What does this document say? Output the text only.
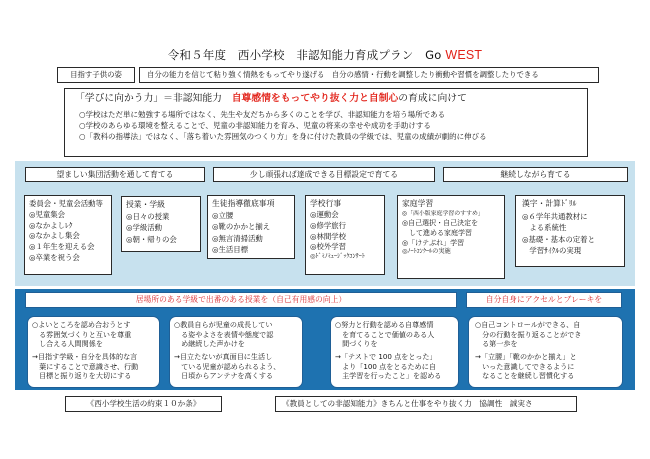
令和５年度　西小学校　非認知能力育成プラン　Go WEST
目指す子供の姿	自分の能力を信じて粘り強く情熱をもってやり遂げる　自分の感情・行動を調整したり衝動や習慣を調整したりできる
「学びに向かう力」＝非認知能力　 自尊感情をもってやり抜く力と自制心の育成に向けて
○学校はただ単に勉強する場所ではなく、先生や友だちから多くのことを学び、非認知能力を培う場所である
○学校のあらゆる環境を整えることで、児童の非認知能力を育み、児童の将来の幸せや成功を手助けする
○「教科の指導法」ではなく、「落ち着いた雰囲気のつくり方」を身に付けた教員の学級では、児童の成績が劇的に伸びる
望ましい集団活動を通して育てる	少し頑張れば達成できる目標設定で育てる	継続しながら育てる
委員会・児童会活動等
◎児童集会
◎なかよしﾚｸ
◎なかよし集会
◎１年生を迎える会
◎卒業を祝う会
授業・学級
◎日々の授業
◎学級活動
◎朝・帰りの会
生徒指導徹底事項
◎立腰
◎靴のかかと揃え
◎無言清掃活動
◎生活目標
学校行事
◎運動会
◎修学旅行
◎林間学校
◎校外学習
◎ﾄﾞﾐﾉﾐｭｰｼﾞｯｸｺﾝｻｰﾄ
家庭学習
◎「西小版家庭学習のすすめ」
◎自己選択・自己決定を
　して進める家庭学習
◎「けテぶれ」学習
◎ﾉｰﾄｺﾝｸｰﾙの実施
漢字・計算ﾄﾞﾘﾙ
◎６学年共通教材に
　よる系統性
◎基礎・基本の定着と
　学習ｻｲｸﾙの実現
居場所のある学級で出番のある授業を（自己有用感の向上）	自分自身にアクセルとブレーキを
○よいところを認め合おうとす
　る雰囲気づくりと互いを尊重
　し合える人間関係を
→目指す学級・自分を具体的な言
　葉にすることで意識させ、行動
　目標と振り返りを大切にする
○教員自らが児童の成長してい
　る姿やよさを表情や態度で認
　め継続した声かけを
→目立たないが真面目に生活し
　ている児童が認められるよう、
　日頃からアンテナを高くする
○努力と行動を認める自尊感情
　を育てることで価値のある人
　間づくりを
→「テストで 100 点をとった」
　より「100 点をとるために自
　主学習を行ったこと」を認める
○自己コントロールができる、自
　分の行動を振り返ることができ
　る第一歩を
→「立腰」「靴のかかと揃え」と
　いった意識してできるように
　なることを継続し習慣化する
《西小学校生活の約束１０か条》	《教員としての非認知能力》きちんと仕事をやり抜く力　協調性　誠実さ
